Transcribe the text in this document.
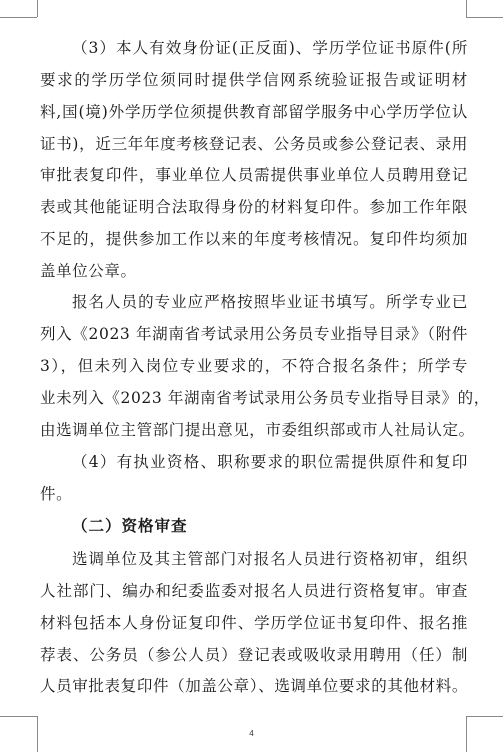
（3）本人有效身份证(正反面)、学历学位证书原件(所
要求的学历学位须同时提供学信网系统验证报告或证明材
料,国(境)外学历学位须提供教育部留学服务中心学历学位认
证书)，近三年年度考核登记表、公务员或参公登记表、录用
审批表复印件，事业单位人员需提供事业单位人员聘用登记
表或其他能证明合法取得身份的材料复印件。参加工作年限
不足的，提供参加工作以来的年度考核情况。复印件均须加
盖单位公章。
报名人员的专业应严格按照毕业证书填写。所学专业已
列入《2023 年湖南省考试录用公务员专业指导目录》（附件
3），但未列入岗位专业要求的，不符合报名条件；所学专
业未列入《2023 年湖南省考试录用公务员专业指导目录》的，
由选调单位主管部门提出意见，市委组织部或市人社局认定。
（4）有执业资格、职称要求的职位需提供原件和复印
件。
（二）资格审查
选调单位及其主管部门对报名人员进行资格初审，组织
人社部门、编办和纪委监委对报名人员进行资格复审。审查
材料包括本人身份证复印件、学历学位证书复印件、报名推
荐表、公务员（参公人员）登记表或吸收录用聘用（任）制
人员审批表复印件（加盖公章）、选调单位要求的其他材料。
4
